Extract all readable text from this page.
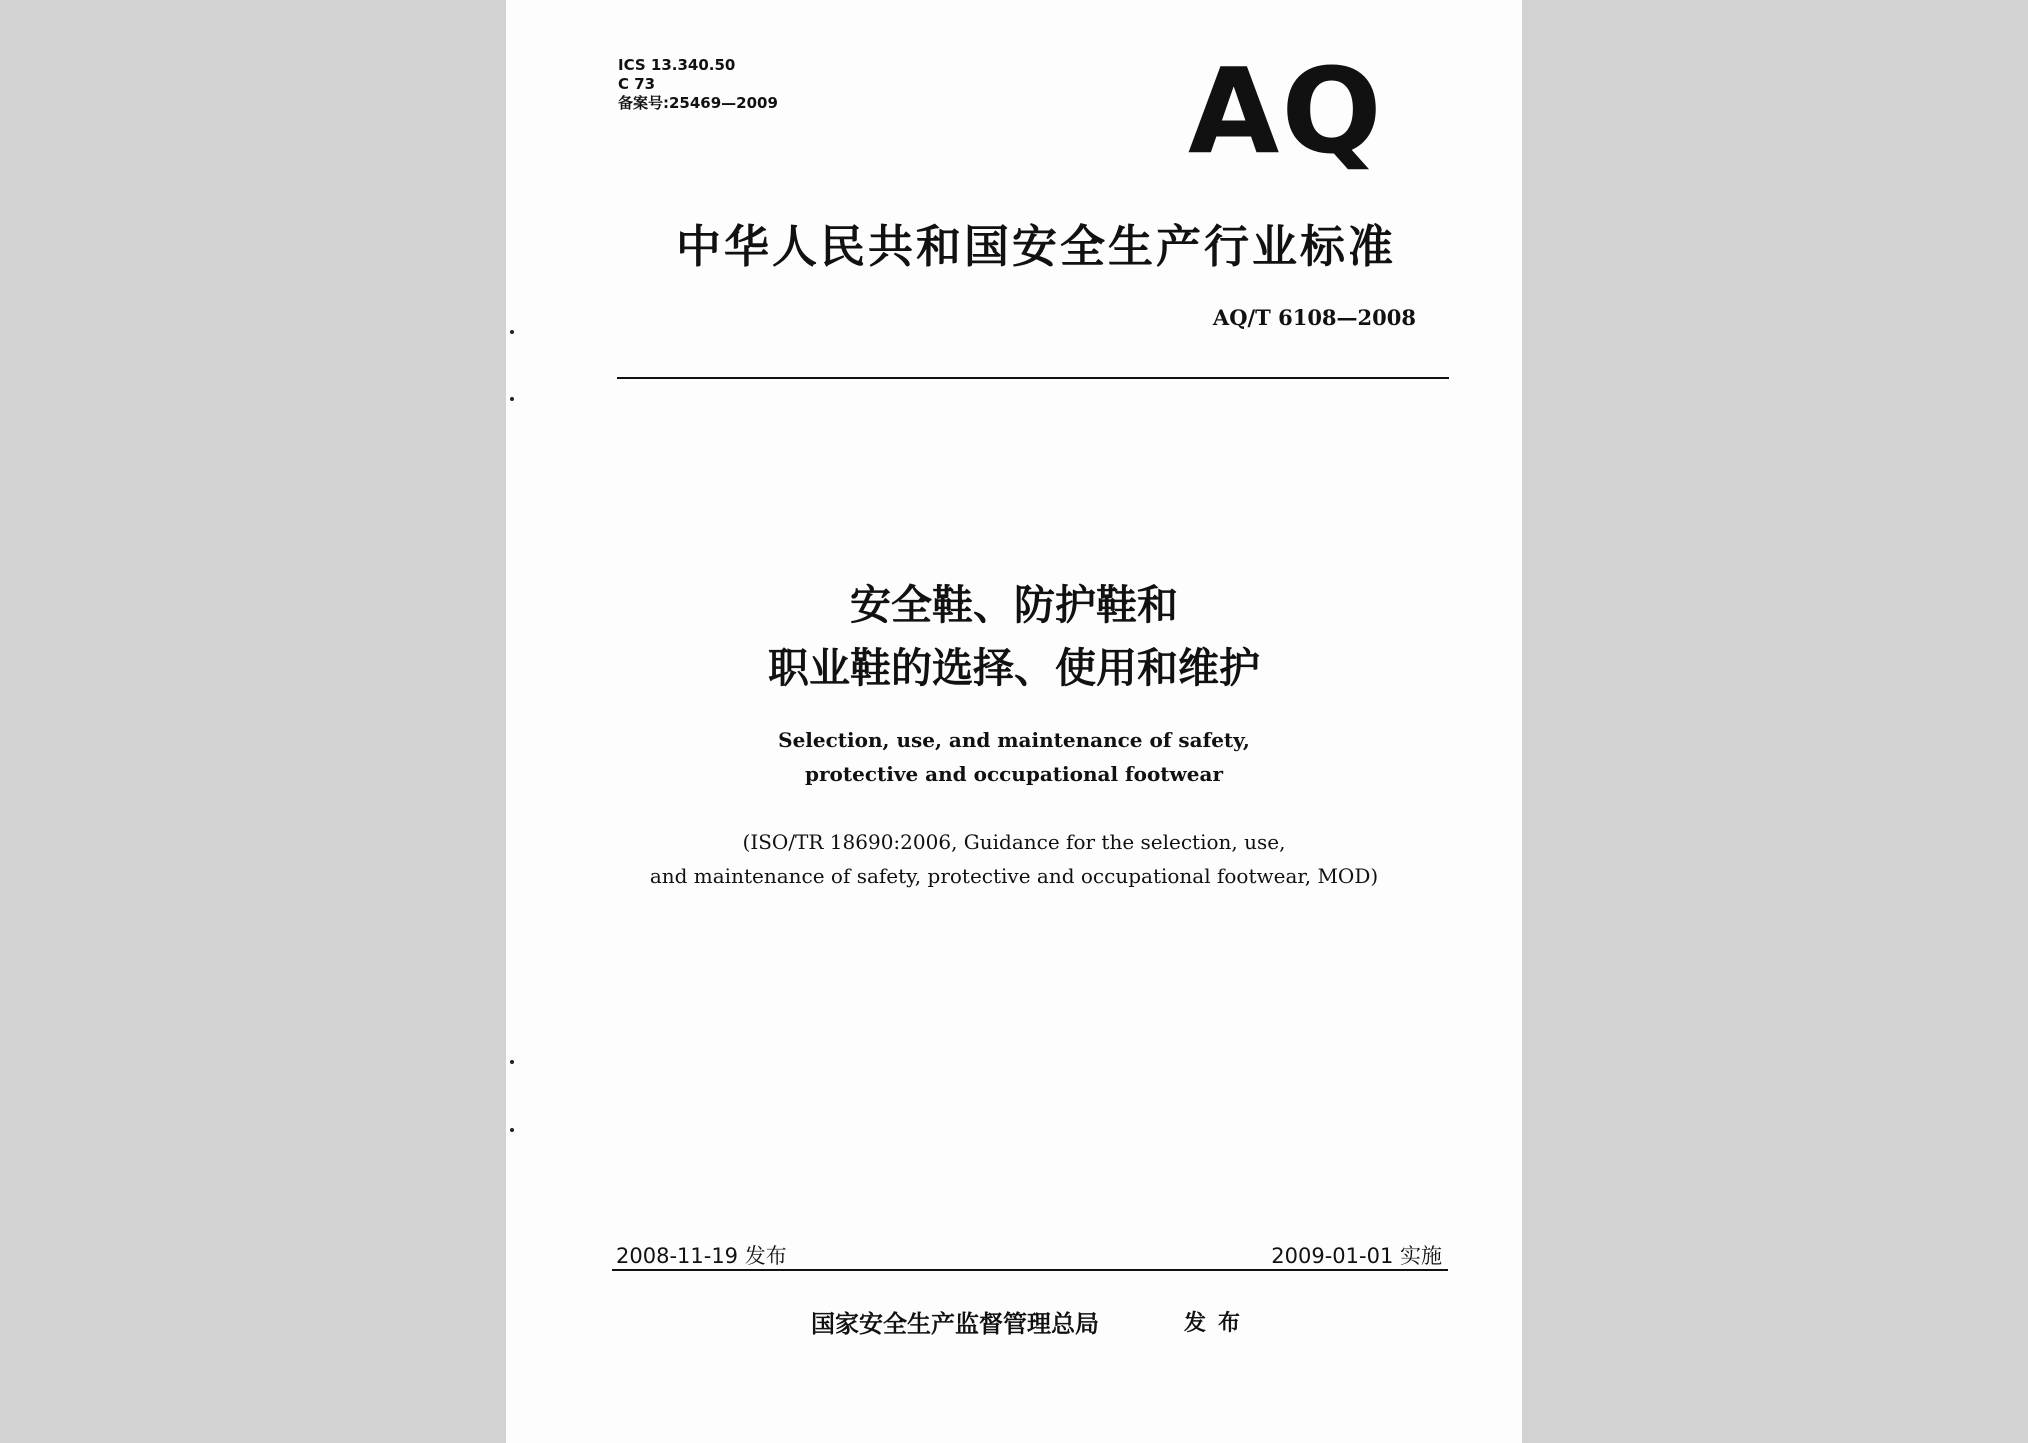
ICS 13.340.50
C 73
备案号:25469—2009	AQ
中华人民共和国安全生产行业标准
AQ/T 6108—2008
安全鞋、防护鞋和
职业鞋的选择、使用和维护
Selection, use, and maintenance of safety,
protective and occupational footwear
(ISO/TR 18690:2006, Guidance for the selection, use,
and maintenance of safety, protective and occupational footwear, MOD)
2008-11-19 发布	2009-01-01 实施
国家安全生产监督管理总局	发布
